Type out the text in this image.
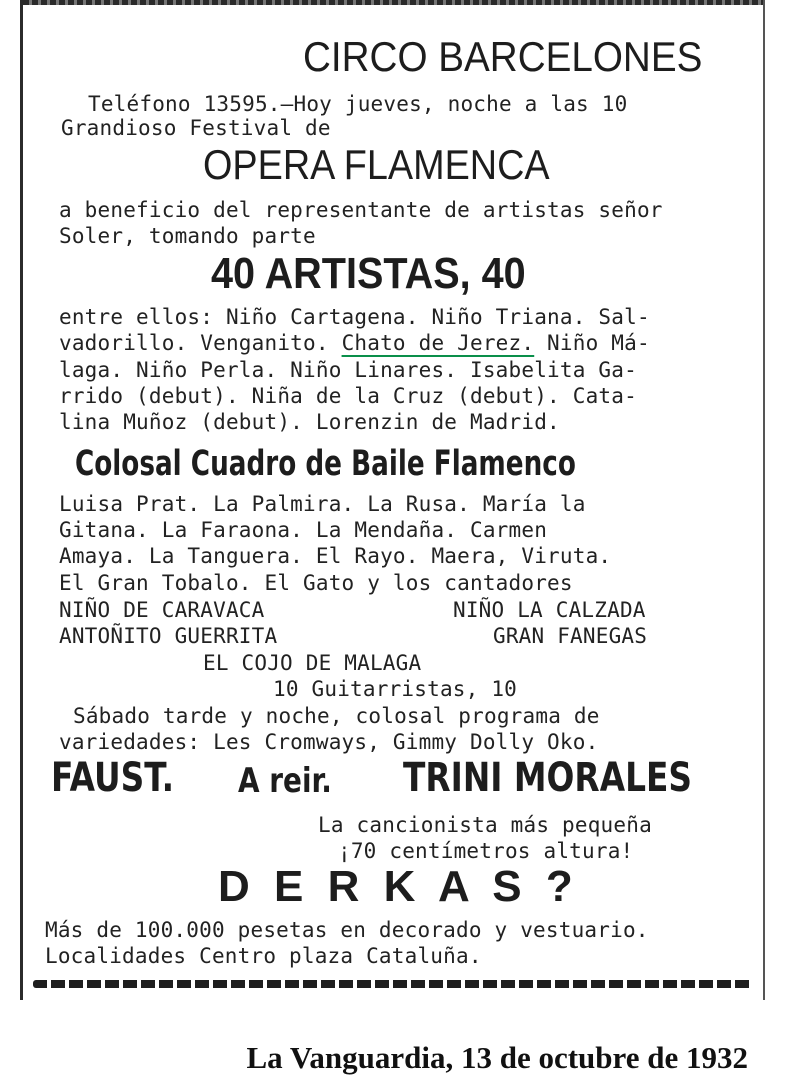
CIRCO BARCELONES
Teléfono 13595.—Hoy jueves, noche a las 10
Grandioso Festival de
OPERA FLAMENCA
a beneficio del representante de artistas señor
Soler, tomando parte
40 ARTISTAS, 40
entre ellos: Niño Cartagena. Niño Triana. Sal-
vadorillo. Venganito. Chato de Jerez. Niño Má-
laga. Niño Perla. Niño Linares. Isabelita Ga-
rrido (debut). Niña de la Cruz (debut). Cata-
lina Muñoz (debut). Lorenzin de Madrid.
Colosal Cuadro de Baile Flamenco
Luisa Prat. La Palmira. La Rusa. María la
Gitana. La Faraona. La Mendaña. Carmen
Amaya. La Tanguera. El Rayo. Maera, Viruta.
El Gran Tobalo. El Gato y los cantadores
NIÑO DE CARAVACA	NIÑO LA CALZADA
ANTOÑITO GUERRITA	GRAN FANEGAS
EL COJO DE MALAGA
10 Guitarristas, 10
Sábado tarde y noche, colosal programa de
variedades: Les Cromways, Gimmy Dolly Oko.
FAUST. A reir. TRINI MORALES
La cancionista más pequeña
¡70 centímetros altura!
D E R K A S ?
Más de 100.000 pesetas en decorado y vestuario.
Localidades Centro plaza Cataluña.
La Vanguardia, 13 de octubre de 1932
